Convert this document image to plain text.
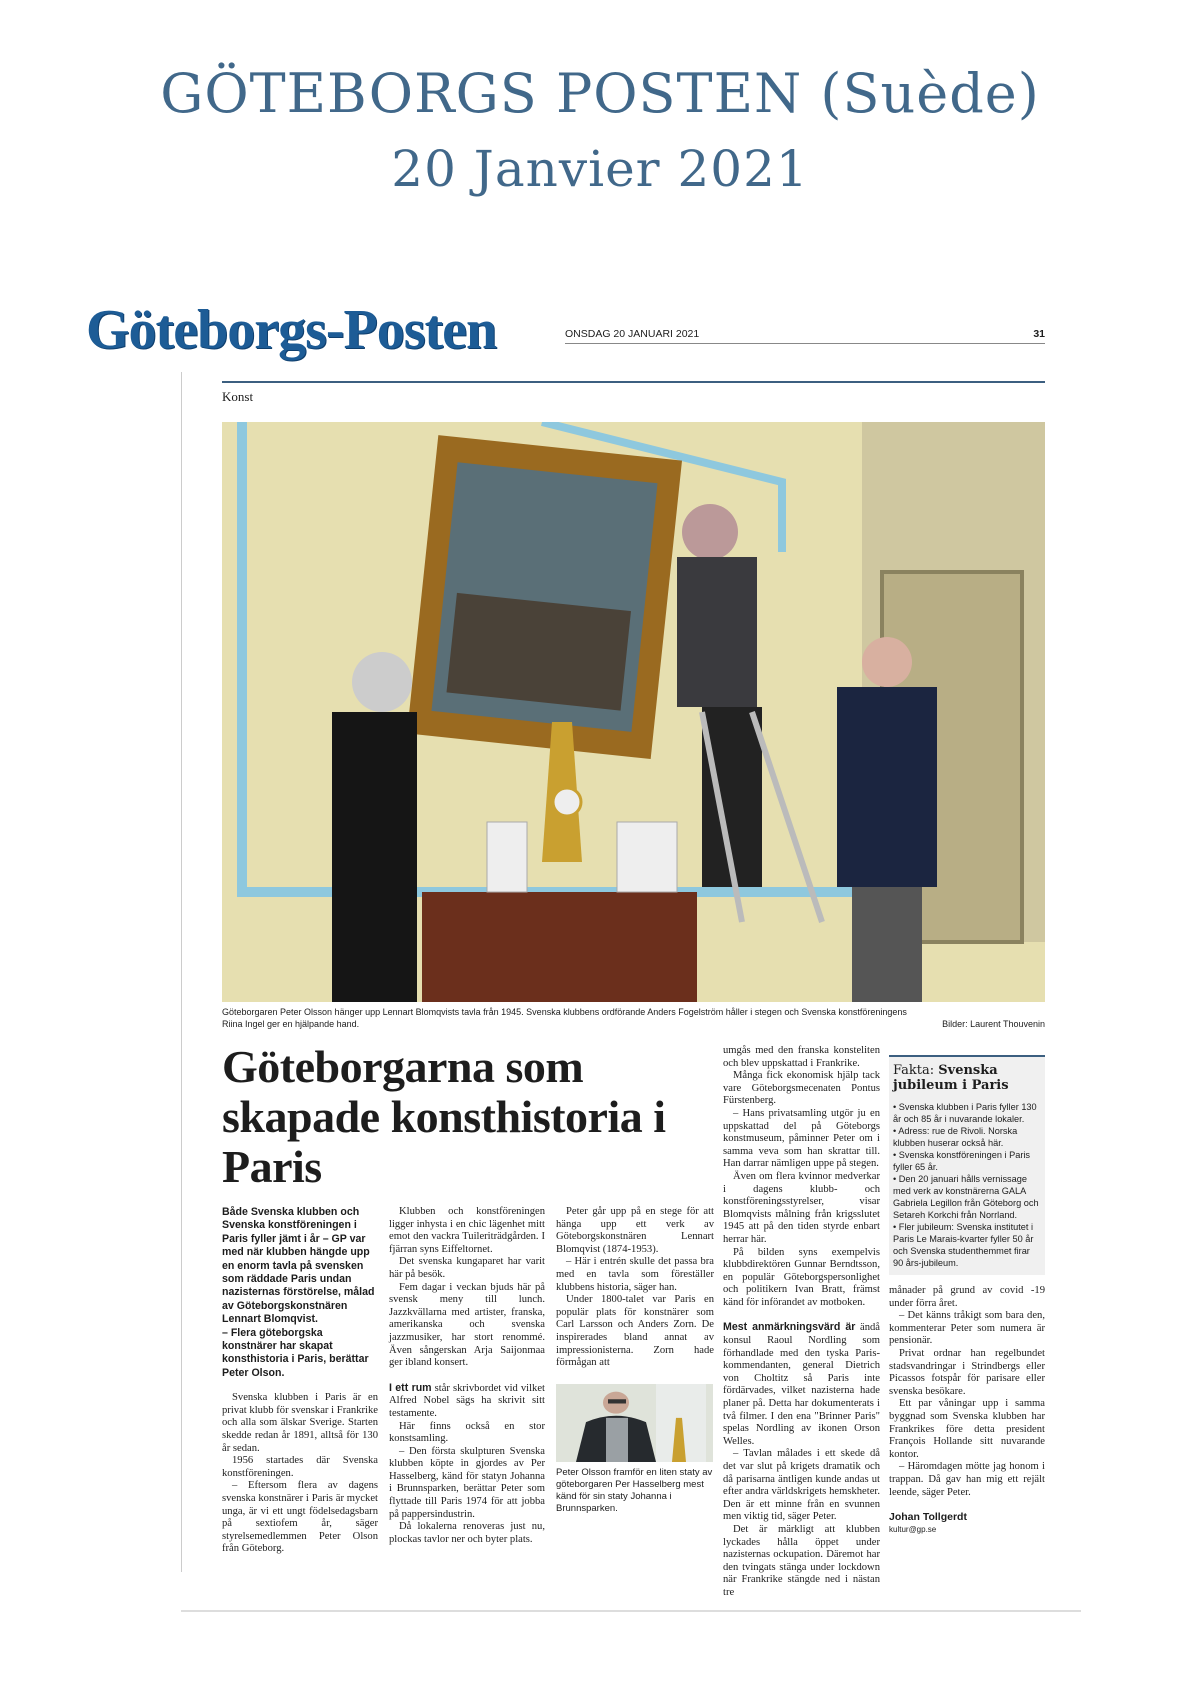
GÖTEBORGS POSTEN (Suède)
20 Janvier 2021
Göteborgs-Posten	ONSDAG 20 JANUARI 2021	31
Konst
Göteborgaren Peter Olsson hänger upp Lennart Blomqvists tavla från 1945. Svenska klubbens ordförande Anders Fogelström håller i stegen och Svenska konstföreningens Riina Ingel ger en hjälpande hand.	Bilder: Laurent Thouvenin
Göteborgarna som skapade konsthistoria i Paris

Både Svenska klubben och Svenska konstföreningen i Paris fyller jämt i år – GP var med när klubben hängde upp en enorm tavla på svensken som räddade Paris undan nazisternas förstörelse, målad av Göteborgskonstnären Lennart Blomqvist.

– Flera göteborgska konstnärer har skapat konsthistoria i Paris, berättar Peter Olson.

Svenska klubben i Paris är en privat klubb för svenskar i Frankrike och alla som älskar Sverige. Starten skedde redan år 1891, alltså för 130 år sedan.

1956 startades där Svenska konstföreningen.

– Eftersom flera av dagens svenska konstnärer i Paris är mycket unga, är vi ett ungt födelsedagsbarn på sextiofem år, säger styrelsemedlemmen Peter Olson från Göteborg.

Klubben och konstföreningen ligger inhysta i en chic lägenhet mitt emot den vackra Tuileriträdgården. I fjärran syns Eiffeltornet.

Det svenska kungaparet har varit här på besök.

Fem dagar i veckan bjuds här på svensk meny till lunch. Jazzkvällarna med artister, franska, amerikanska och svenska jazzmusiker, har stort renommé. Även sångerskan Arja Saijonmaa ger ibland konsert.

I ett rum står skrivbordet vid vilket Alfred Nobel sägs ha skrivit sitt testamente.

Här finns också en stor konstsamling.

– Den första skulpturen Svenska klubben köpte in gjordes av Per Hasselberg, känd för statyn Johanna i Brunnsparken, berättar Peter som flyttade till Paris 1974 för att jobba på pappersindustrin.

Då lokalerna renoveras just nu, plockas tavlor ner och byter plats.

Peter går upp på en stege för att hänga upp ett verk av Göteborgskonstnären Lennart Blomqvist (1874-1953).

– Här i entrén skulle det passa bra med en tavla som föreställer klubbens historia, säger han.

Under 1800-talet var Paris en populär plats för konstnärer som Carl Larsson och Anders Zorn. De inspirerades bland annat av impressionisterna. Zorn hade förmågan att

Peter Olsson framför en liten staty av göteborgaren Per Hasselberg mest känd för sin staty Johanna i Brunnsparken.

umgås med den franska konsteliten och blev uppskattad i Frankrike.

Många fick ekonomisk hjälp tack vare Göteborgsmecenaten Pontus Fürstenberg.

– Hans privatsamling utgör ju en uppskattad del på Göteborgs konstmuseum, påminner Peter om i samma veva som han skrattar till. Han darrar nämligen uppe på stegen.

Även om flera kvinnor medverkar i dagens klubb- och konstföreningsstyrelser, visar Blomqvists målning från krigsslutet 1945 att på den tiden styrde enbart herrar här.

På bilden syns exempelvis klubbdirektören Gunnar Berndtsson, en populär Göteborgspersonlighet och politikern Ivan Bratt, främst känd för införandet av motboken.

Mest anmärkningsvärd är ändå konsul Raoul Nordling som förhandlade med den tyska Paris-kommendanten, general Dietrich von Choltitz så Paris inte fördärvades, vilket nazisterna hade planer på. Detta har dokumenterats i två filmer. I den ena "Brinner Paris" spelas Nordling av ikonen Orson Welles.

– Tavlan målades i ett skede då det var slut på krigets dramatik och då parisarna äntligen kunde andas ut efter andra världskrigets hemskheter. Den är ett minne från en svunnen men viktig tid, säger Peter.

Det är märkligt att klubben lyckades hålla öppet under nazisternas ockupation. Däremot har den tvingats stänga under lockdown när Frankrike stängde ned i nästan tre

Fakta: Svenska jubileum i Paris

• Svenska klubben i Paris fyller 130 år och 85 år i nuvarande lokaler.

• Adress: rue de Rivoli. Norska klubben huserar också här.

• Svenska konstföreningen i Paris fyller 65 år.

• Den 20 januari hålls vernissage med verk av konstnärerna GALA Gabriela Legillon från Göteborg och Setareh Korkchi från Norrland.

• Fler jubileum: Svenska institutet i Paris Le Marais-kvarter fyller 50 år och Svenska studenthemmet firar 90 års-jubileum.

månader på grund av covid -19 under förra året.

– Det känns tråkigt som bara den, kommenterar Peter som numera är pensionär.

Privat ordnar han regelbundet stadsvandringar i Strindbergs eller Picassos fotspår för parisare eller svenska besökare.

Ett par våningar upp i samma byggnad som Svenska klubben har Frankrikes före detta president François Hollande sitt nuvarande kontor.

– Häromdagen mötte jag honom i trappan. Då gav han mig ett rejält leende, säger Peter.

Johan Tollgerdt

kultur@gp.se
